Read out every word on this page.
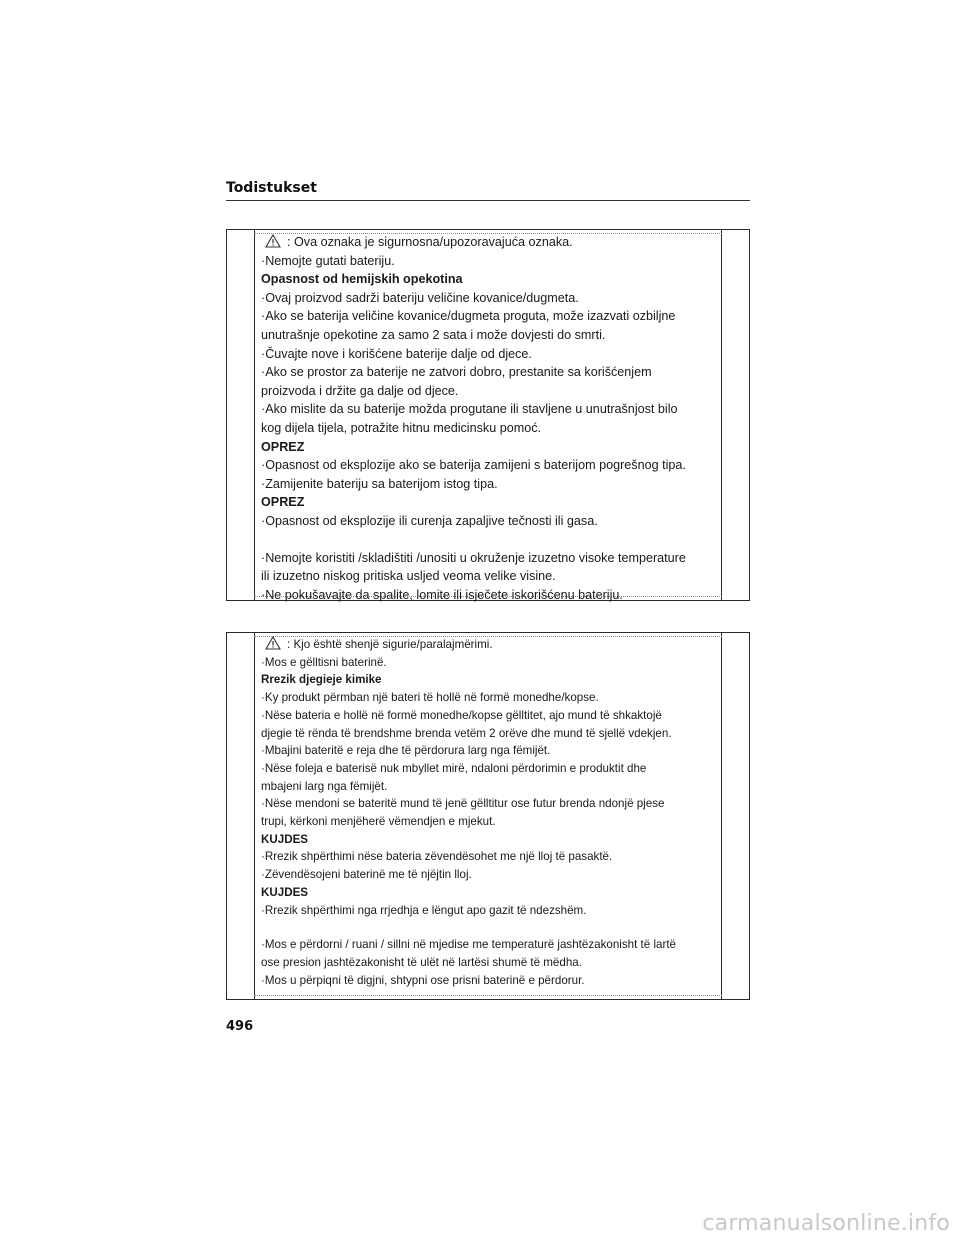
Todistukset
: Ova oznaka je sigurnosna/upozoravajuća oznaka.
·Nemojte gutati bateriju.
Opasnost od hemijskih opekotina
·Ovaj proizvod sadrži bateriju veličine kovanice/dugmeta.
·Ako se baterija veličine kovanice/dugmeta proguta, može izazvati ozbiljne
unutrašnje opekotine za samo 2 sata i može dovjesti do smrti.
·Čuvajte nove i korišćene baterije dalje od djece.
·Ako se prostor za baterije ne zatvori dobro, prestanite sa korišćenjem
proizvoda i držite ga dalje od djece.
·Ako mislite da su baterije možda progutane ili stavljene u unutrašnjost bilo
kog dijela tijela, potražite hitnu medicinsku pomoć.
OPREZ
·Opasnost od eksplozije ako se baterija zamijeni s baterijom pogrešnog tipa.
·Zamijenite bateriju sa baterijom istog tipa.
OPREZ
·Opasnost od eksplozije ili curenja zapaljive tečnosti ili gasa.
·Nemojte koristiti /skladištiti /unositi u okruženje izuzetno visoke temperature
ili izuzetno niskog pritiska usljed veoma velike visine.
·Ne pokušavajte da spalite, lomite ili isječete iskorišćenu bateriju.
: Kjo është shenjë sigurie/paralajmërimi.
·Mos e gëlltisni baterinë.
Rrezik djegieje kimike
·Ky produkt përmban një bateri të hollë në formë monedhe/kopse.
·Nëse bateria e hollë në formë monedhe/kopse gëlltitet, ajo mund të shkaktojë
djegie të rënda të brendshme brenda vetëm 2 orëve dhe mund të sjellë vdekjen.
·Mbajini bateritë e reja dhe të përdorura larg nga fëmijët.
·Nëse foleja e baterisë nuk mbyllet mirë, ndaloni përdorimin e produktit dhe
mbajeni larg nga fëmijët.
·Nëse mendoni se bateritë mund të jenë gëlltitur ose futur brenda ndonjë pjese
trupi, kërkoni menjëherë vëmendjen e mjekut.
KUJDES
·Rrezik shpërthimi nëse bateria zëvendësohet me një lloj të pasaktë.
·Zëvendësojeni baterinë me të njëjtin lloj.
KUJDES
·Rrezik shpërthimi nga rrjedhja e lëngut apo gazit të ndezshëm.
·Mos e përdorni / ruani / sillni në mjedise me temperaturë jashtëzakonisht të lartë
ose presion jashtëzakonisht të ulët në lartësi shumë të mëdha.
·Mos u përpiqni të digjni, shtypni ose prisni baterinë e përdorur.
496
carmanualsonline.info
